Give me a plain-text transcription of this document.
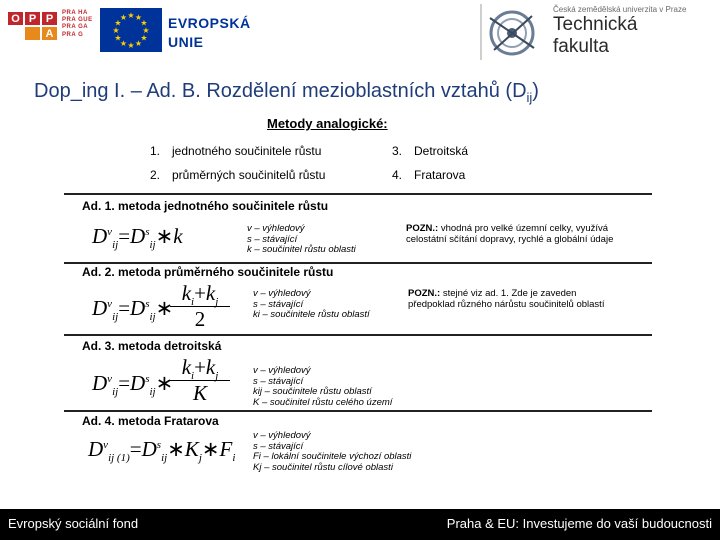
O P P
A
PRA HA
PRA GUE
PRA GA
PRA G
★ ★
★
★
★
★
★
★
★
★
★
★	EVROPSKÁ
UNIE
Česká zemědělská univerzita v Praze
Technická
fakulta
Dop_ing I. – Ad. B. Rozdělení mezioblastních vztahů $(D_{ij})$
Metody analogické:
1. jednotného součinitele růstu
2. průměrných součinitelů růstu
3. Detroitská
4. Fratarova
Ad. 1. metoda jednotného součinitele růstu
$D^v_{ij}=D^s_{ij}∗k$	v – výhledový
s – stávající
k – součinitel růstu oblasti
POZN.: vhodná pro velké územní celky, využívá celostátní sčítání dopravy, rychlé a globální údaje
Ad. 2. metoda průměrného součinitele růstu
$D^v_{ij}=D^s_{ij}∗$
$k_i+k_j$
2
v – výhledový
s – stávající
ki – součinitele růstu oblastí
POZN.: stejné viz ad. 1. Zde je zaveden předpoklad různého nárůstu součinitelů oblastí
Ad. 3. metoda detroitská
$D^v_{ij}=D^s_{ij}∗$
$k_i+k_j$
K
v – výhledový
s – stávající
kij – součinitele růstu oblastí
K – součinitel růstu celého území
Ad. 4. metoda Fratarova
$D^v_{ij (1)}=D^s_{ij}∗K_j∗F_i$
v – výhledový
s – stávající
Fi – lokální součinitele výchozí oblasti
Kj – součinitel růstu cílové oblasti
Evropský sociální fond	Praha & EU: Investujeme do vaší budoucnosti
